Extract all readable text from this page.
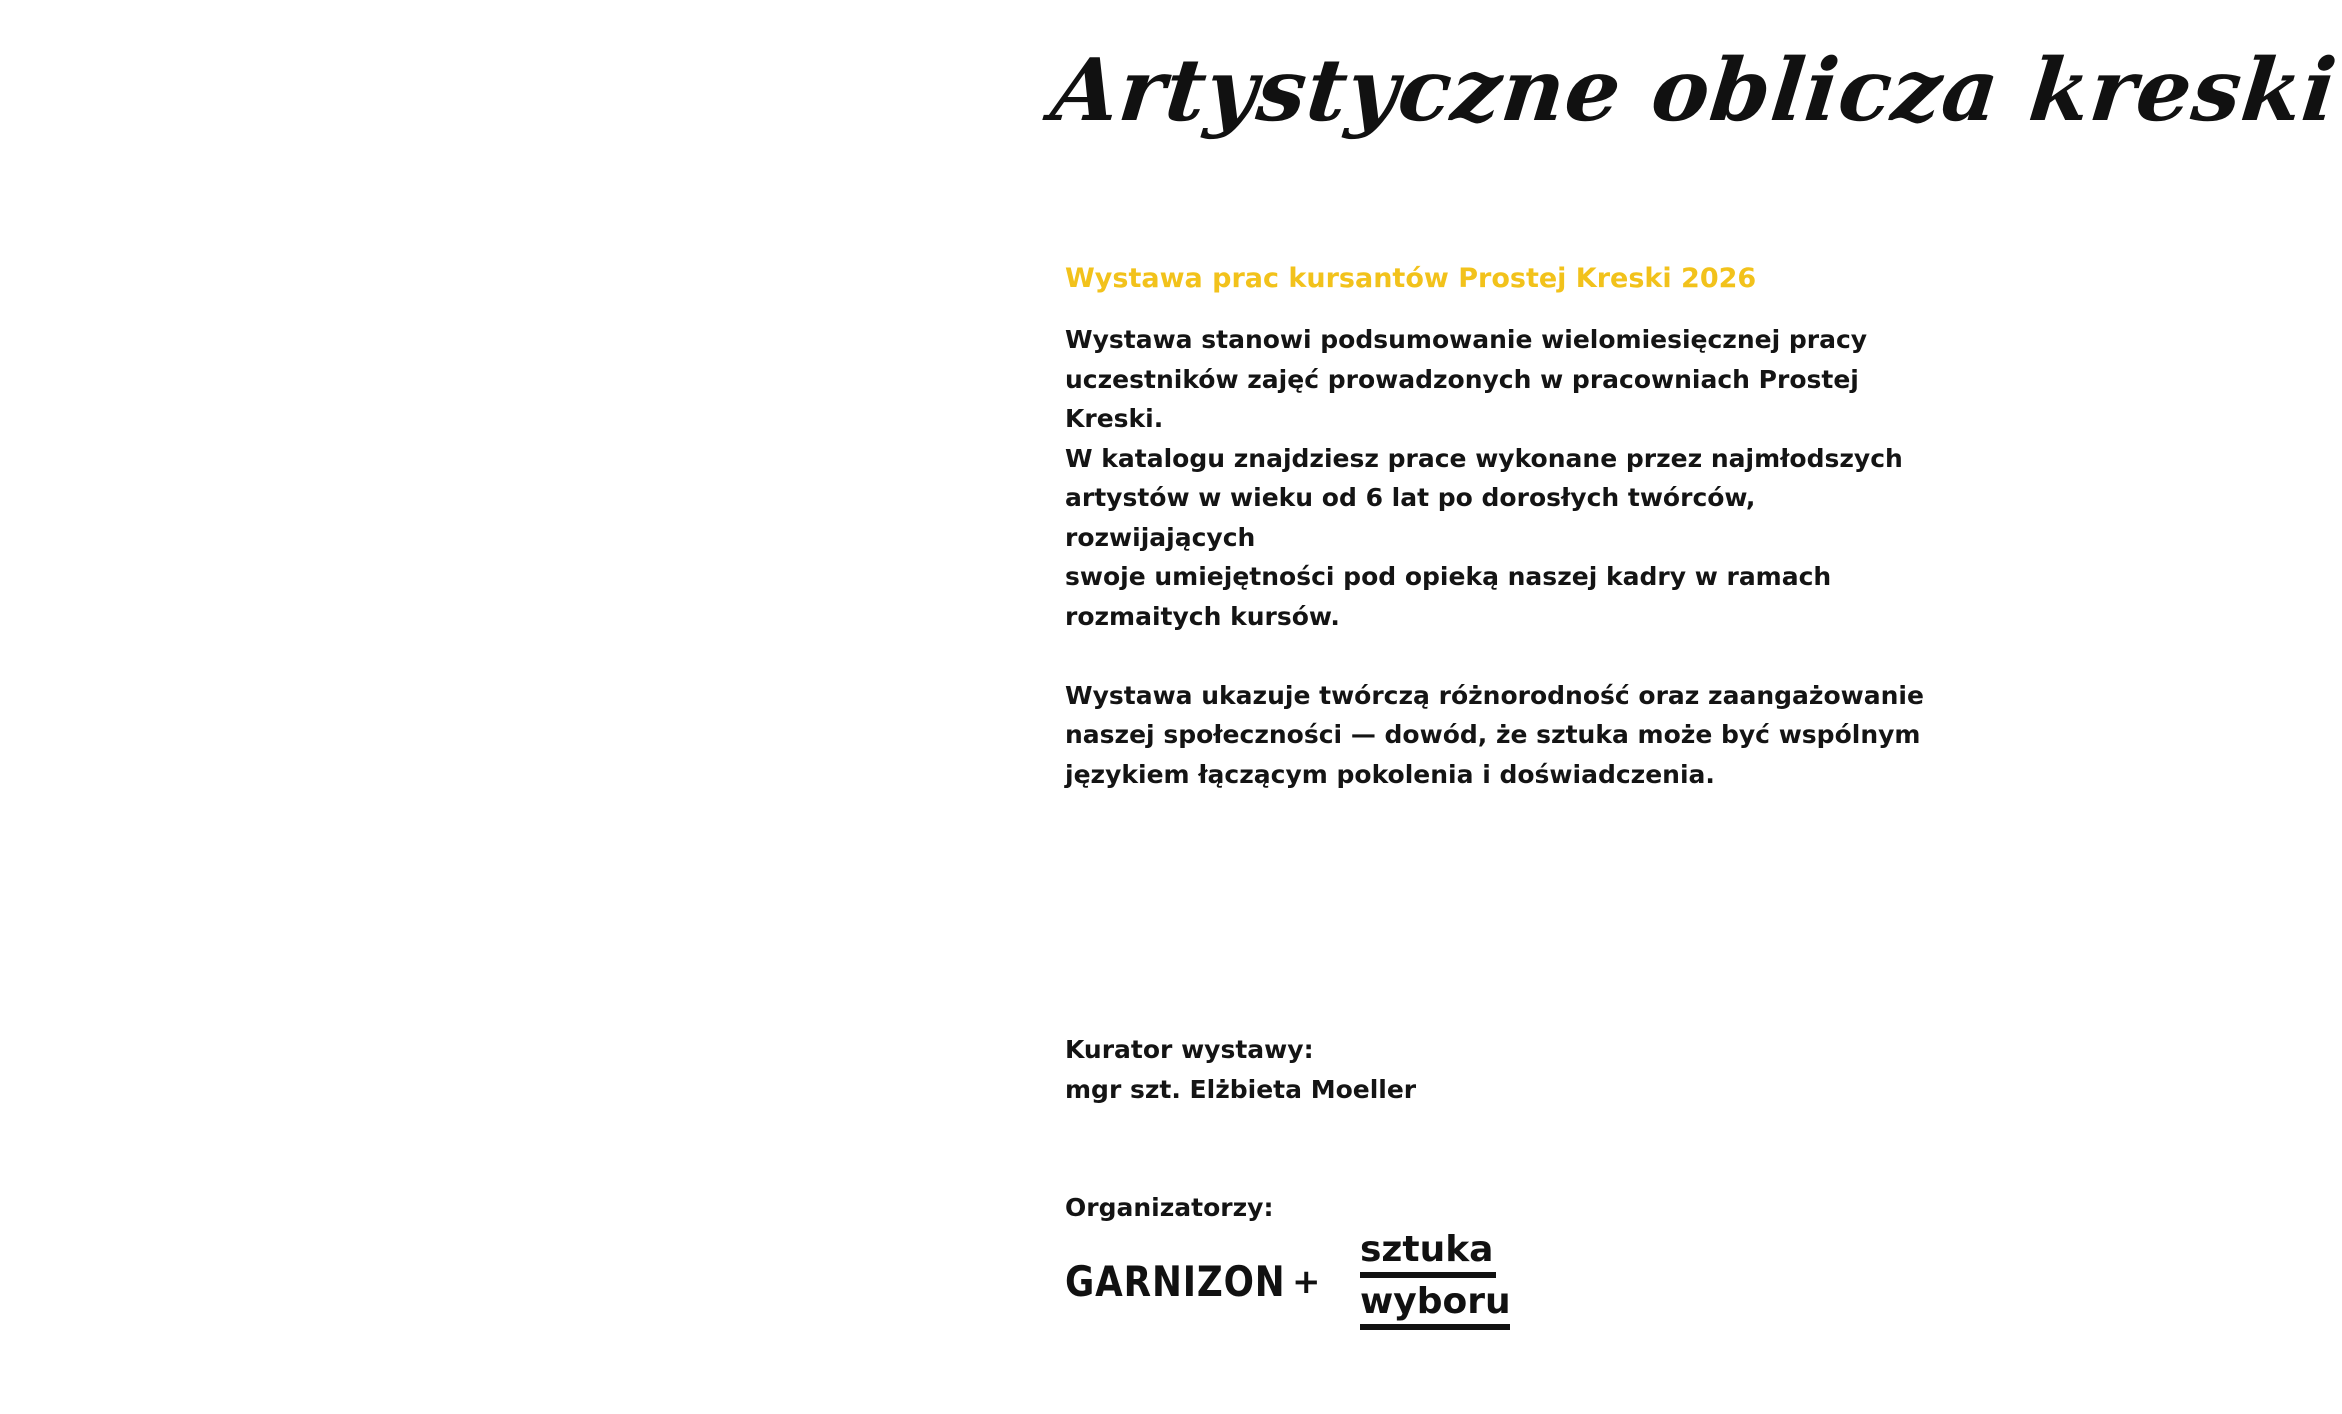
Artystyczne oblicza kreski
Wystawa prac kursantów Prostej Kreski 2026

Wystawa stanowi podsumowanie wielomiesięcznej pracy
uczestników zajęć prowadzonych w pracowniach Prostej Kreski.
W katalogu znajdziesz prace wykonane przez najmłodszych
artystów w wieku od 6 lat po dorosłych twórców, rozwijających
swoje umiejętności pod opieką naszej kadry w ramach
rozmaitych kursów.

Wystawa ukazuje twórczą różnorodność oraz zaangażowanie
naszej społeczności — dowód, że sztuka może być wspólnym
językiem łączącym pokolenia i doświadczenia.

Kurator wystawy:
mgr szt. Elżbieta Moeller
Organizatorzy:
GARNIZON +
sztuka
wyboru
